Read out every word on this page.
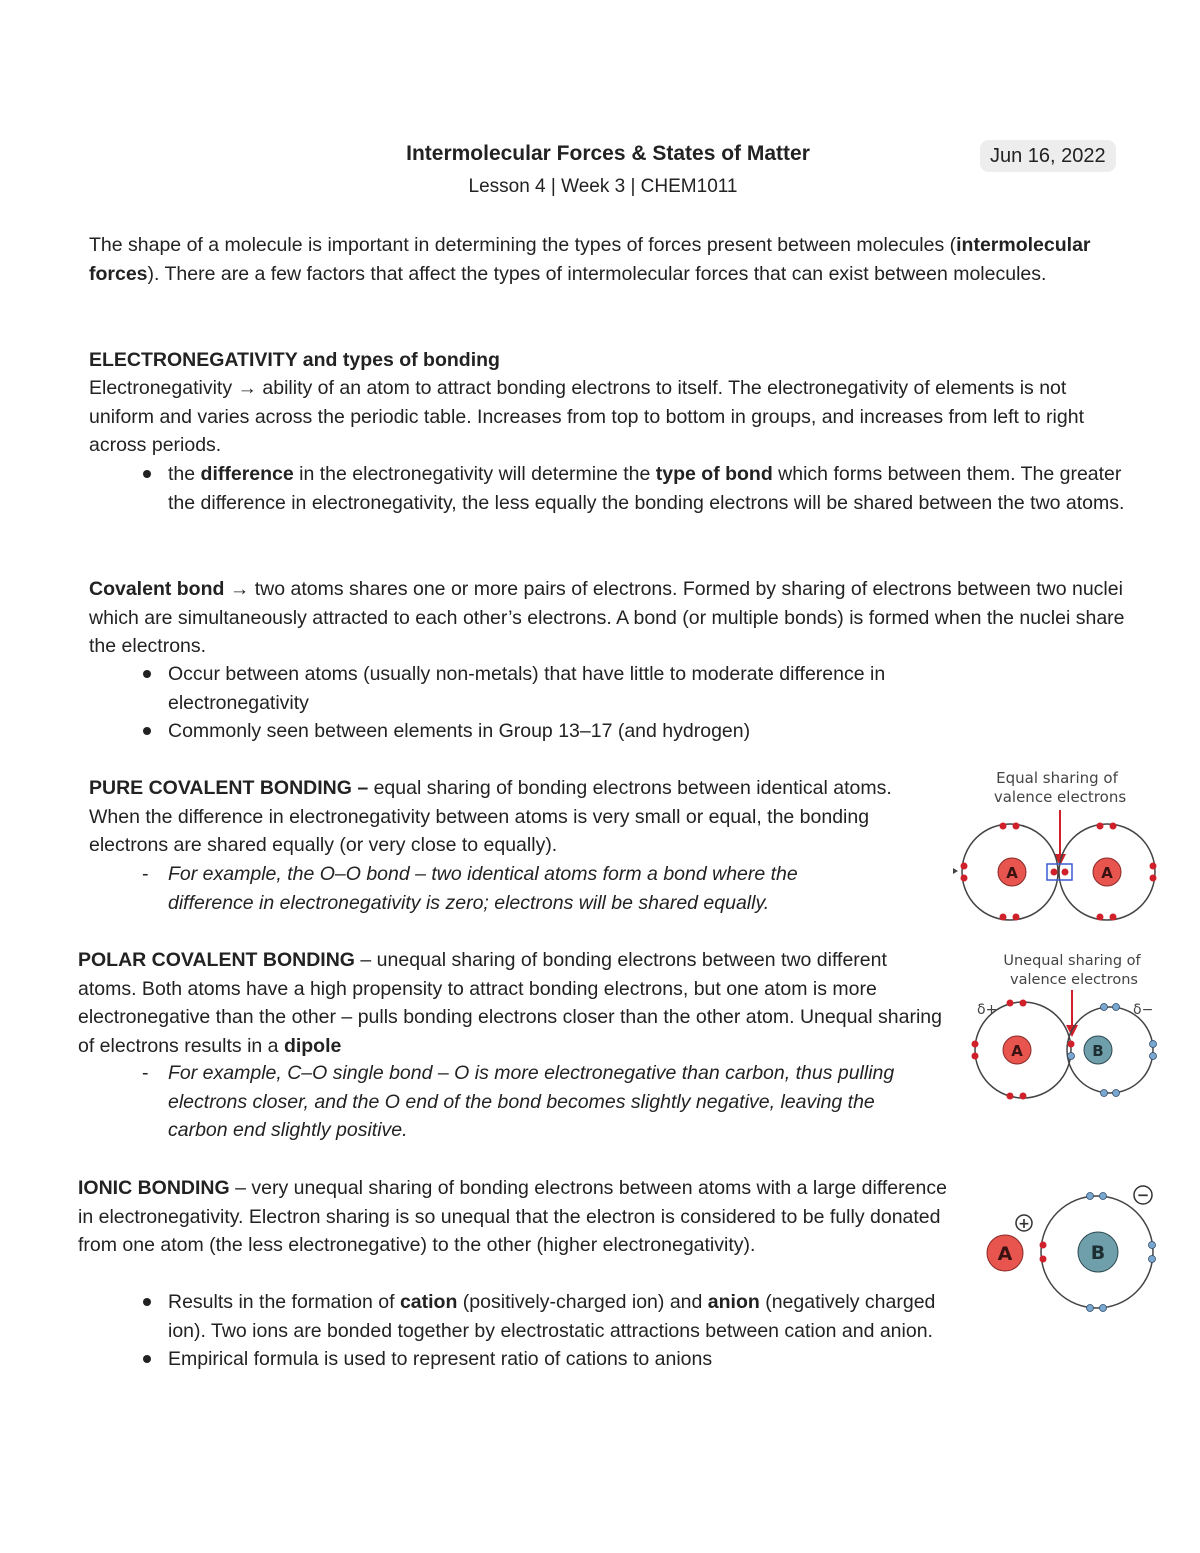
Intermolecular Forces & States of Matter	Jun 16, 2022
Lesson 4 | Week 3 | CHEM1011
The shape of a molecule is important in determining the types of forces present between molecules (intermolecular forces). There are a few factors that affect the types of intermolecular forces that can exist between molecules.
ELECTRONEGATIVITY and types of bonding
Electronegativity → ability of an atom to attract bonding electrons to itself. The electronegativity of elements is not uniform and varies across the periodic table. Increases from top to bottom in groups, and increases from left to right across periods.
the difference in the electronegativity will determine the type of bond which forms between them. The greater the difference in electronegativity, the less equally the bonding electrons will be shared between the two atoms.
Covalent bond → two atoms shares one or more pairs of electrons. Formed by sharing of electrons between two nuclei which are simultaneously attracted to each other’s electrons. A bond (or multiple bonds) is formed when the nuclei share the electrons.
Occur between atoms (usually non-metals) that have little to moderate difference in electronegativity
Commonly seen between elements in Group 13–17 (and hydrogen)
PURE COVALENT BONDING – equal sharing of bonding electrons between identical atoms. When the difference in electronegativity between atoms is very small or equal, the bonding electrons are shared equally (or very close to equally).
- For example, the O–O bond – two identical atoms form a bond where the difference in electronegativity is zero; electrons will be shared equally.
POLAR COVALENT BONDING – unequal sharing of bonding electrons between two different atoms. Both atoms have a high propensity to attract bonding electrons, but one atom is more electronegative than the other – pulls bonding electrons closer than the other atom. Unequal sharing of electrons results in a dipole
- For example, C–O single bond – O is more electronegative than carbon, thus pulling electrons closer, and the O end of the bond becomes slightly negative, leaving the carbon end slightly positive.
IONIC BONDING – very unequal sharing of bonding electrons between atoms with a large difference in electronegativity. Electron sharing is so unequal that the electron is considered to be fully donated from one atom (the less electronegative) to the other (higher electronegativity).
Results in the formation of cation (positively-charged ion) and anion (negatively charged ion). Two ions are bonded together by electrostatic attractions between cation and anion.
Empirical formula is used to represent ratio of cations to anions
Equal sharing of
valence electrons
A	A
Unequal sharing of
valence electrons
δ+	δ−
A	B
A
+
B
−
